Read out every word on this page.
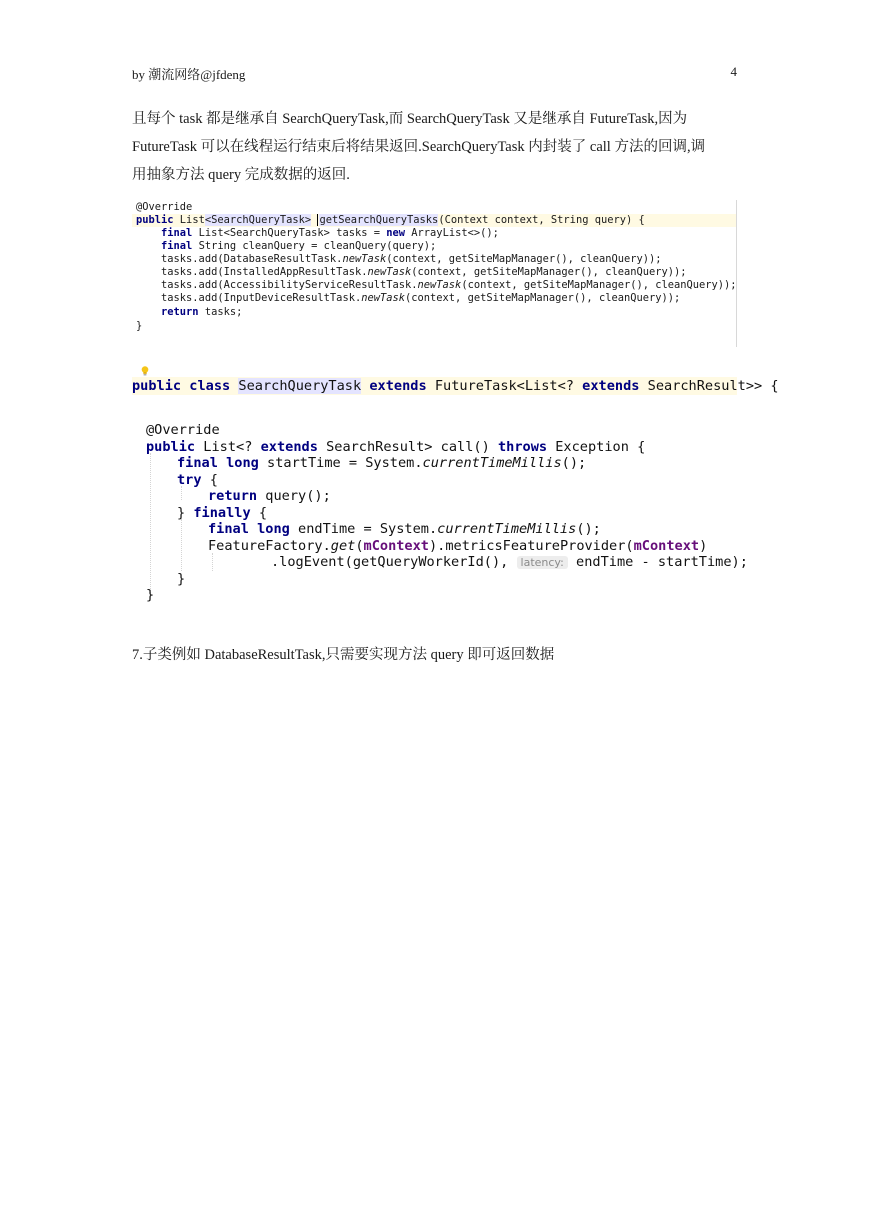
by 潮流网络@jfdeng	4
且每个 task 都是继承自 SearchQueryTask,而 SearchQueryTask 又是继承自 FutureTask,因为
FutureTask 可以在线程运行结束后将结果返回.SearchQueryTask 内封装了 call 方法的回调,调
用抽象方法 query 完成数据的返回.

@Override

public List<SearchQueryTask> getSearchQueryTasks(Context context, String query) {

final List<SearchQueryTask> tasks = new ArrayList<>();

final String cleanQuery = cleanQuery(query);

tasks.add(DatabaseResultTask.newTask(context, getSiteMapManager(), cleanQuery));

tasks.add(InstalledAppResultTask.newTask(context, getSiteMapManager(), cleanQuery));

tasks.add(AccessibilityServiceResultTask.newTask(context, getSiteMapManager(), cleanQuery));

tasks.add(InputDeviceResultTask.newTask(context, getSiteMapManager(), cleanQuery));

return tasks;

}

public class SearchQueryTask extends FutureTask<List<? extends SearchResult>> {

@Override

public List<? extends SearchResult> call() throws Exception {

final long startTime = System.currentTimeMillis();

try {

return query();

} finally {

final long endTime = System.currentTimeMillis();

FeatureFactory.get(mContext).metricsFeatureProvider(mContext)

.logEvent(getQueryWorkerId(), latency: endTime - startTime);

}

}

7.子类例如 DatabaseResultTask,只需要实现方法 query 即可返回数据
